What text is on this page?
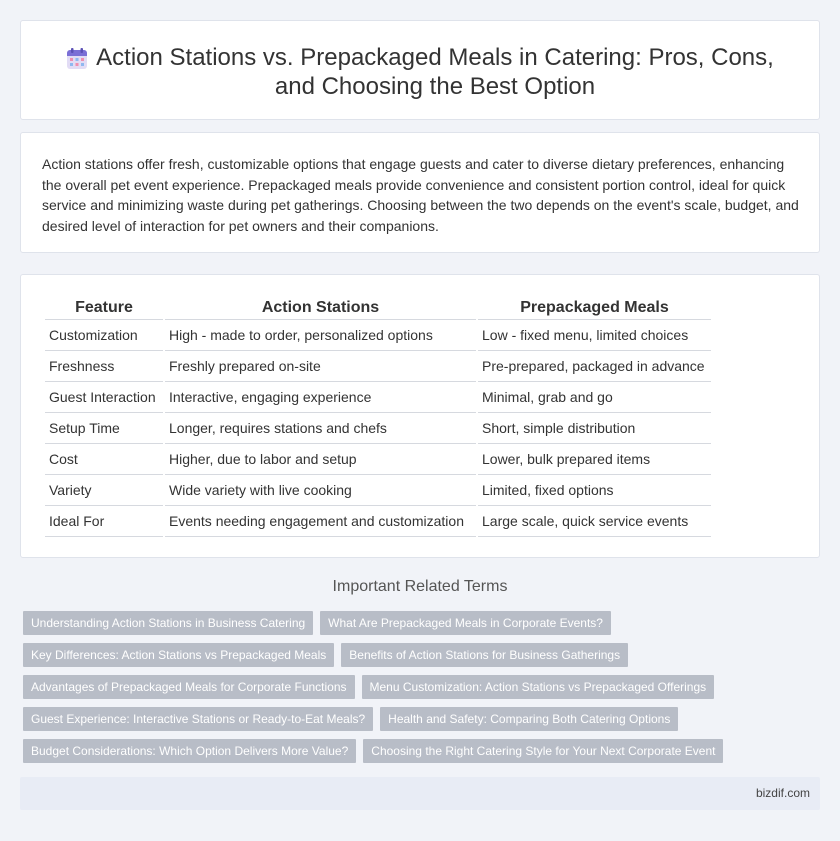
Action Stations vs. Prepackaged Meals in Catering: Pros, Cons, and Choosing the Best Option

Action stations offer fresh, customizable options that engage guests and cater to diverse dietary preferences, enhancing the overall pet event experience. Prepackaged meals provide convenience and consistent portion control, ideal for quick service and minimizing waste during pet gatherings. Choosing between the two depends on the event's scale, budget, and desired level of interaction for pet owners and their companions.

Feature	Action Stations	Prepackaged Meals
Customization	High - made to order, personalized options	Low - fixed menu, limited choices
Freshness	Freshly prepared on-site	Pre-prepared, packaged in advance
Guest Interaction	Interactive, engaging experience	Minimal, grab and go
Setup Time	Longer, requires stations and chefs	Short, simple distribution
Cost	Higher, due to labor and setup	Lower, bulk prepared items
Variety	Wide variety with live cooking	Limited, fixed options
Ideal For	Events needing engagement and customization	Large scale, quick service events
Important Related Terms
Understanding Action Stations in Business Catering	What Are Prepackaged Meals in Corporate Events?
Key Differences: Action Stations vs Prepackaged Meals	Benefits of Action Stations for Business Gatherings
Advantages of Prepackaged Meals for Corporate Functions	Menu Customization: Action Stations vs Prepackaged Offerings
Guest Experience: Interactive Stations or Ready-to-Eat Meals?	Health and Safety: Comparing Both Catering Options
Budget Considerations: Which Option Delivers More Value?	Choosing the Right Catering Style for Your Next Corporate Event
bizdif.com
